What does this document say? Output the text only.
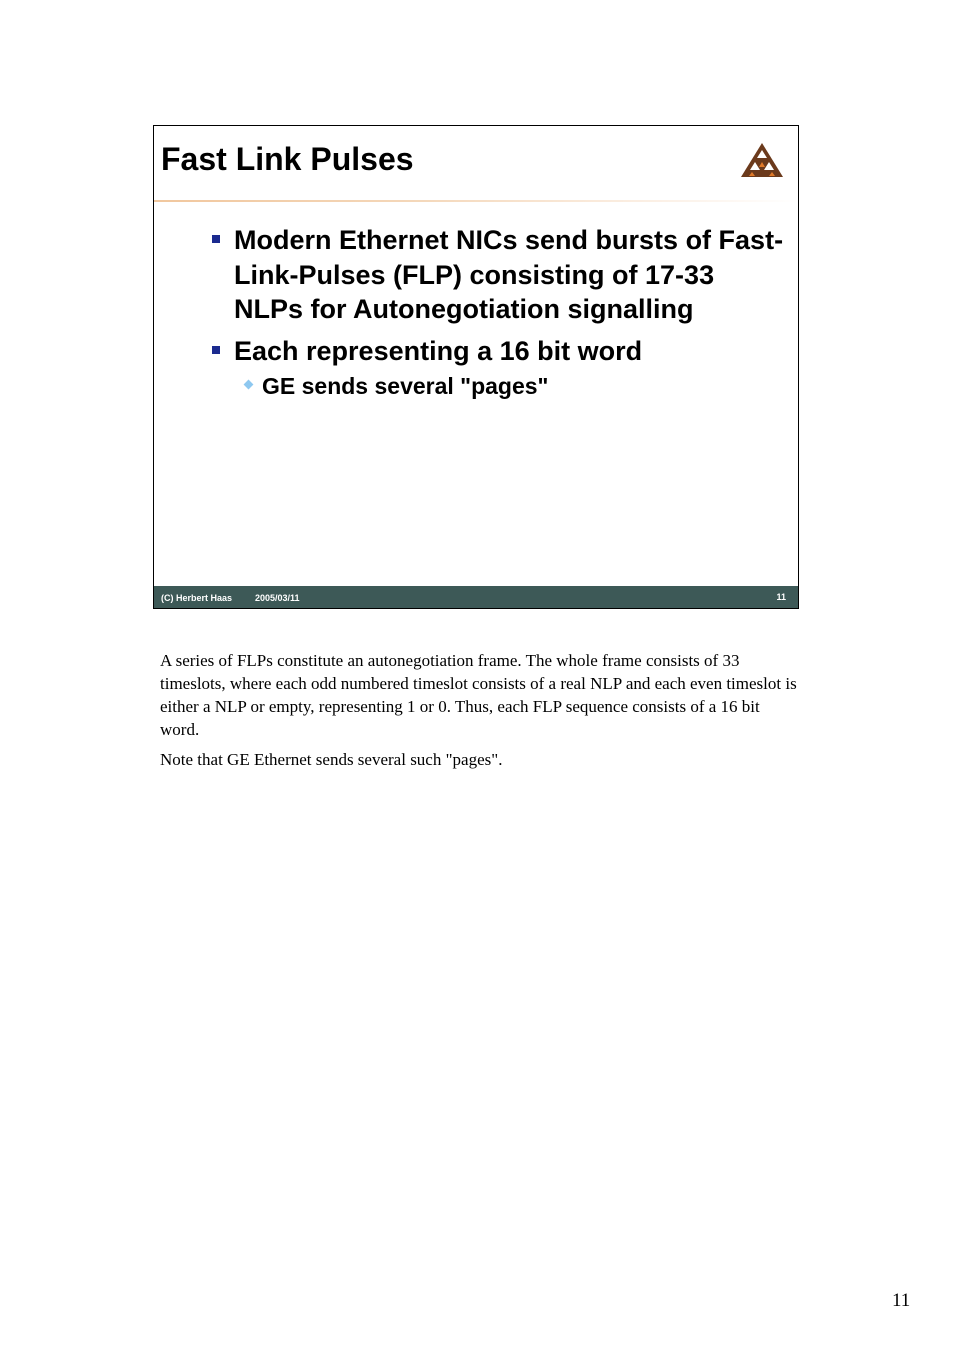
Fast Link Pulses
Modern Ethernet NICs send bursts of Fast-Link-Pulses (FLP) consisting of 17-33 NLPs for Autonegotiation signalling
Each representing a 16 bit word
GE sends several "pages"
(C) Herbert Haas	2005/03/11	11

A series of FLPs constitute an autonegotiation frame. The whole frame consists of 33 timeslots, where each odd numbered timeslot consists of a real NLP and each even timeslot is either a NLP or empty, representing 1 or 0. Thus, each FLP sequence consists of a 16 bit word.

Note that GE Ethernet sends several such "pages".

11
